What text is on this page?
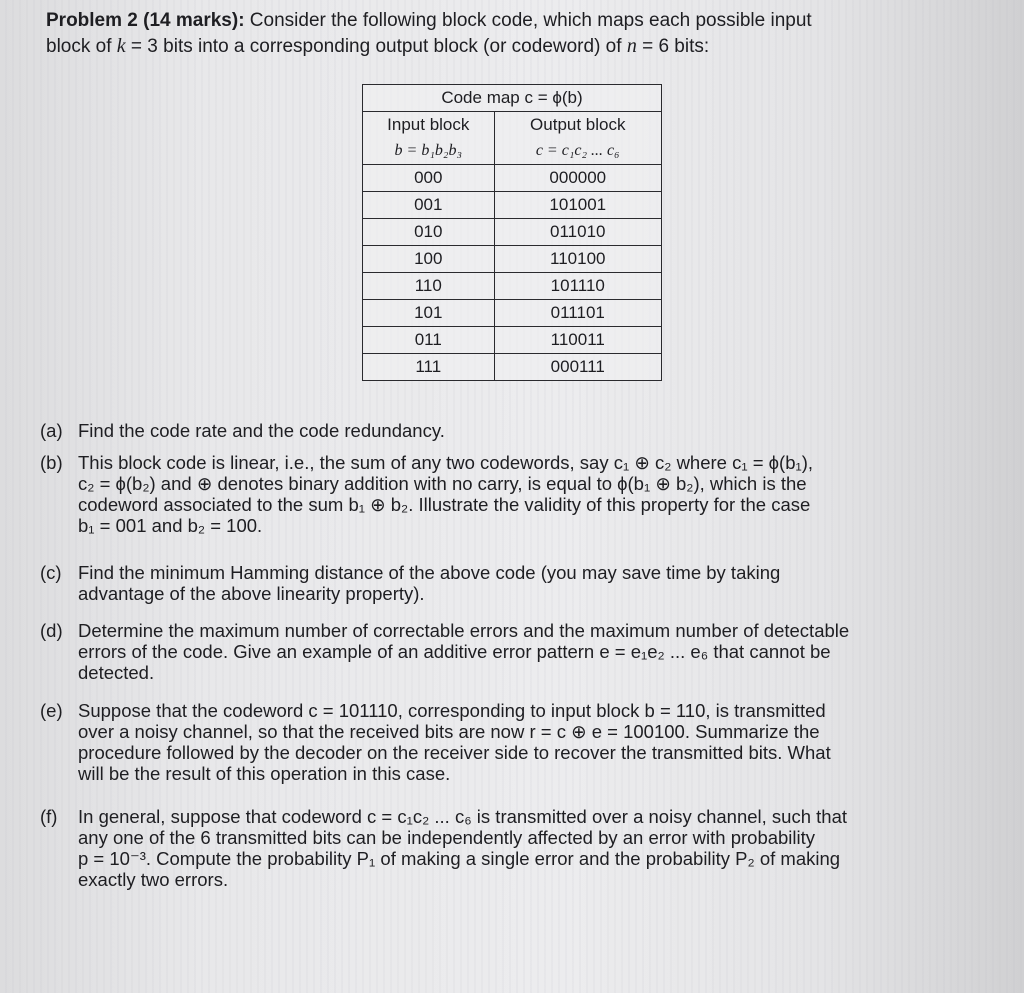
Problem 2 (14 marks): Consider the following block code, which maps each possible input
block of k = 3 bits into a corresponding output block (or codeword) of n = 6 bits:
Code map c = ϕ(b)	
Input block	Output block
b = b₁b₂b₃	c = c₁c₂ ... c₆
000	000000
001	101001
010	011010
100	110100
110	101110
101	011101
011	110011
111	000111
(a) Find the code rate and the code redundancy.
(b) This block code is linear, i.e., the sum of any two codewords, say c₁ ⊕ c₂ where c₁ = ϕ(b₁),
c₂ = ϕ(b₂) and ⊕ denotes binary addition with no carry, is equal to ϕ(b₁ ⊕ b₂), which is the
codeword associated to the sum b₁ ⊕ b₂. Illustrate the validity of this property for the case
b₁ = 001 and b₂ = 100.
(c) Find the minimum Hamming distance of the above code (you may save time by taking
advantage of the above linearity property).
(d) Determine the maximum number of correctable errors and the maximum number of detectable
errors of the code. Give an example of an additive error pattern e = e₁e₂ ... e₆ that cannot be
detected.
(e) Suppose that the codeword c = 101110, corresponding to input block b = 110, is transmitted
over a noisy channel, so that the received bits are now r = c ⊕ e = 100100. Summarize the
procedure followed by the decoder on the receiver side to recover the transmitted bits. What
will be the result of this operation in this case.
(f) In general, suppose that codeword c = c₁c₂ ... c₆ is transmitted over a noisy channel, such that
any one of the 6 transmitted bits can be independently affected by an error with probability
p = 10⁻³. Compute the probability P₁ of making a single error and the probability P₂ of making
exactly two errors.
